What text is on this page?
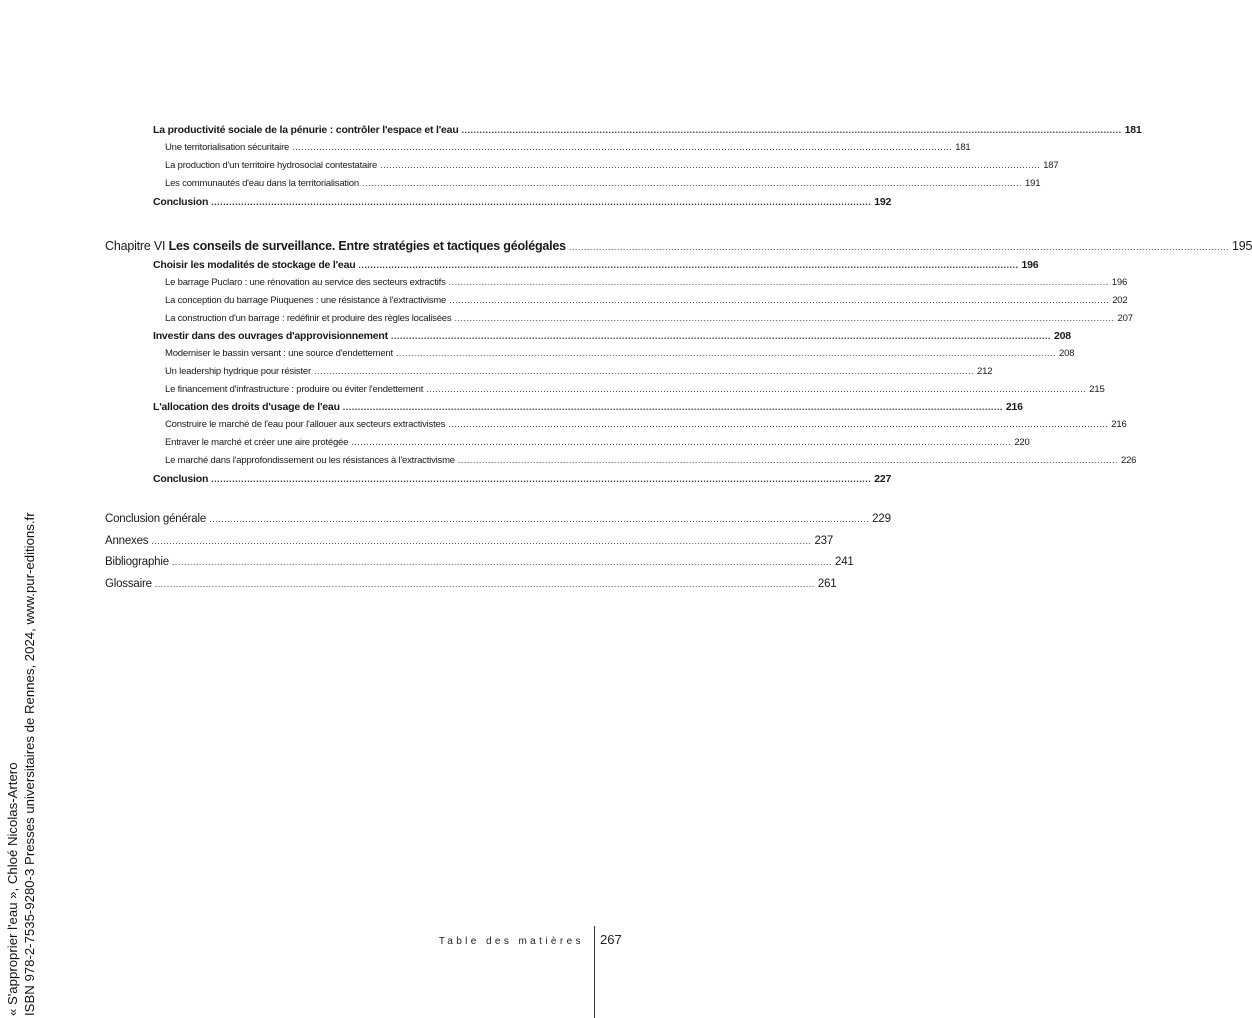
La productivité sociale de la pénurie : contrôler l'espace et l'eau ............................................................................................................................................................................................................................ 181
Une territorialisation sécuritaire ............................................................................................................................................................................................................................ 181
La production d'un territoire hydrosocial contestataire ............................................................................................................................................................................................................................ 187
Les communautés d'eau dans la territorialisation ............................................................................................................................................................................................................................ 191
Conclusion ............................................................................................................................................................................................................................ 192
Chapitre VI Les conseils de surveillance. Entre stratégies et tactiques géolégales ............................................................................................................................................................................................................................ 195
Choisir les modalités de stockage de l'eau ............................................................................................................................................................................................................................ 196
Le barrage Puclaro : une rénovation au service des secteurs extractifs ............................................................................................................................................................................................................................ 196
La conception du barrage Piuquenes : une résistance à l'extractivisme ............................................................................................................................................................................................................................ 202
La construction d'un barrage : redéfinir et produire des règles localisées ............................................................................................................................................................................................................................ 207
Investir dans des ouvrages d'approvisionnement ............................................................................................................................................................................................................................ 208
Moderniser le bassin versant : une source d'endettement ............................................................................................................................................................................................................................ 208
Un leadership hydrique pour résister ............................................................................................................................................................................................................................ 212
Le financement d'infrastructure : produire ou éviter l'endettement ............................................................................................................................................................................................................................ 215
L'allocation des droits d'usage de l'eau ............................................................................................................................................................................................................................ 216
Construire le marché de l'eau pour l'allouer aux secteurs extractivistes ............................................................................................................................................................................................................................ 216
Entraver le marché et créer une aire protégée ............................................................................................................................................................................................................................ 220
Le marché dans l'approfondissement ou les résistances à l'extractivisme ............................................................................................................................................................................................................................ 226
Conclusion ............................................................................................................................................................................................................................ 227
Conclusion générale ............................................................................................................................................................................................................................ 229
Annexes ............................................................................................................................................................................................................................ 237
Bibliographie ............................................................................................................................................................................................................................ 241
Glossaire ............................................................................................................................................................................................................................ 261
« S'approprier l'eau », Chloé Nicolas-Artero ISBN 978-2-7535-9280-3 Presses universitaires de Rennes, 2024, www.pur-editions.fr	Table des matières 267
